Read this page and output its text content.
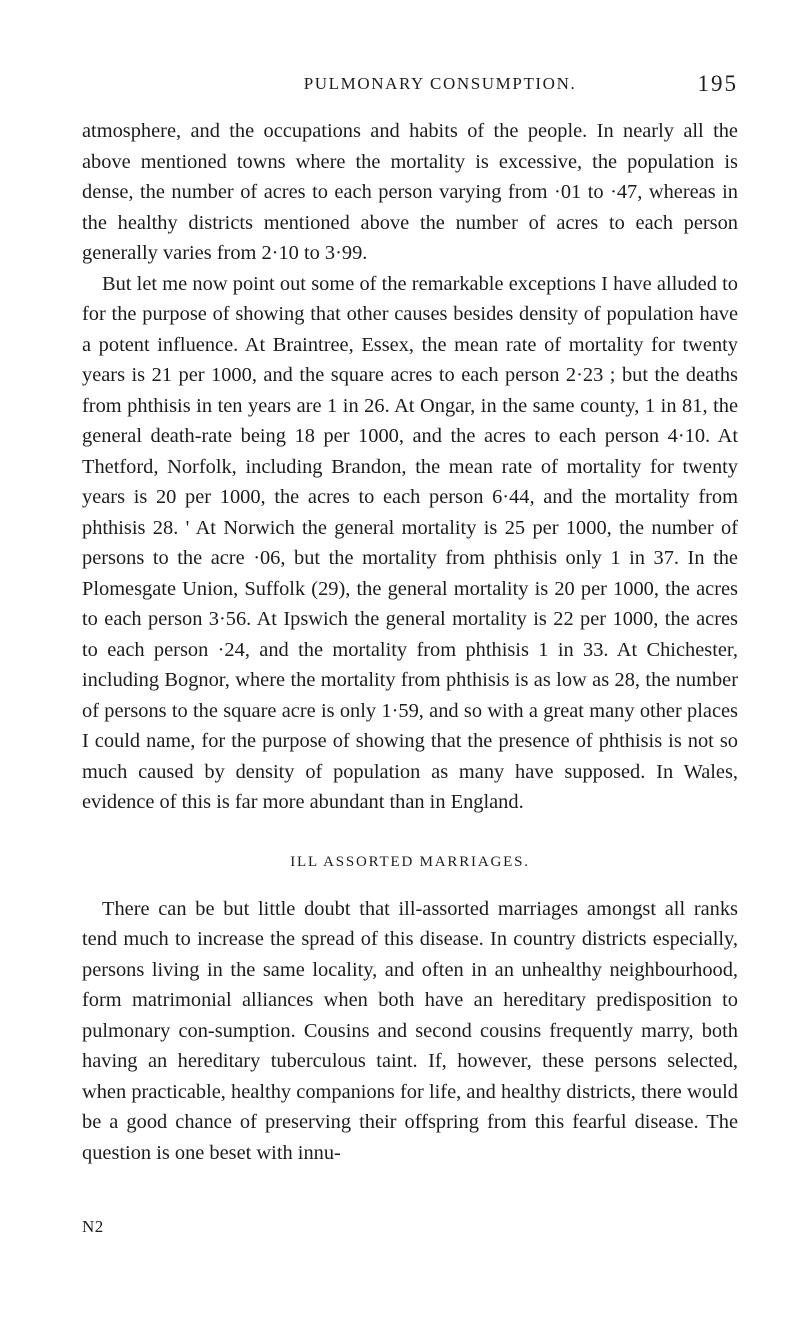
PULMONARY CONSUMPTION.	195

atmosphere, and the occupations and habits of the people. In nearly all the above mentioned towns where the mortality is excessive, the population is dense, the number of acres to each person varying from ·01 to ·47, whereas in the healthy districts mentioned above the number of acres to each person generally varies from 2·10 to 3·99.

But let me now point out some of the remarkable exceptions I have alluded to for the purpose of showing that other causes besides density of population have a potent influence. At Braintree, Essex, the mean rate of mortality for twenty years is 21 per 1000, and the square acres to each person 2·23 ; but the deaths from phthisis in ten years are 1 in 26. At Ongar, in the same county, 1 in 81, the general death-rate being 18 per 1000, and the acres to each person 4·10. At Thetford, Norfolk, including Brandon, the mean rate of mortality for twenty years is 20 per 1000, the acres to each person 6·44, and the mortality from phthisis 28. ' At Norwich the general mortality is 25 per 1000, the number of persons to the acre ·06, but the mortality from phthisis only 1 in 37. In the Plomesgate Union, Suffolk (29), the general mortality is 20 per 1000, the acres to each person 3·56. At Ipswich the general mortality is 22 per 1000, the acres to each person ·24, and the mortality from phthisis 1 in 33. At Chichester, including Bognor, where the mortality from phthisis is as low as 28, the number of persons to the square acre is only 1·59, and so with a great many other places I could name, for the purpose of showing that the presence of phthisis is not so much caused by density of population as many have supposed. In Wales, evidence of this is far more abundant than in England.

ILL ASSORTED MARRIAGES.

There can be but little doubt that ill-assorted marriages amongst all ranks tend much to increase the spread of this disease. In country districts especially, persons living in the same locality, and often in an unhealthy neighbourhood, form matrimonial alliances when both have an hereditary predisposition to pulmonary con-sumption. Cousins and second cousins frequently marry, both having an hereditary tuberculous taint. If, however, these persons selected, when practicable, healthy companions for life, and healthy districts, there would be a good chance of preserving their offspring from this fearful disease. The question is one beset with innu-

N2
